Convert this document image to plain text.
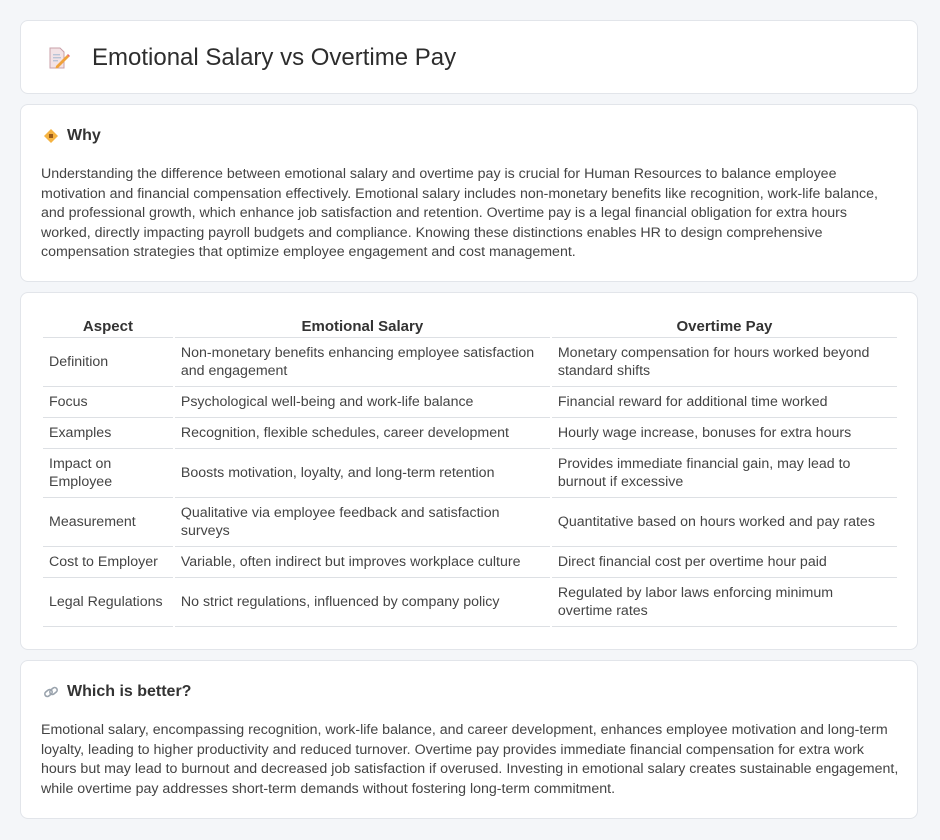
Emotional Salary vs Overtime Pay
Why

Understanding the difference between emotional salary and overtime pay is crucial for Human Resources to balance employee motivation and financial compensation effectively. Emotional salary includes non-monetary benefits like recognition, work-life balance, and professional growth, which enhance job satisfaction and retention. Overtime pay is a legal financial obligation for extra hours worked, directly impacting payroll budgets and compliance. Knowing these distinctions enables HR to design comprehensive compensation strategies that optimize employee engagement and cost management.

Aspect	Emotional Salary	Overtime Pay
Definition	Non-monetary benefits enhancing employee satisfaction and engagement	Monetary compensation for hours worked beyond standard shifts
Focus	Psychological well-being and work-life balance	Financial reward for additional time worked
Examples	Recognition, flexible schedules, career development	Hourly wage increase, bonuses for extra hours
Impact on Employee	Boosts motivation, loyalty, and long-term retention	Provides immediate financial gain, may lead to burnout if excessive
Measurement	Qualitative via employee feedback and satisfaction surveys	Quantitative based on hours worked and pay rates
Cost to Employer	Variable, often indirect but improves workplace culture	Direct financial cost per overtime hour paid
Legal Regulations	No strict regulations, influenced by company policy	Regulated by labor laws enforcing minimum overtime rates
Which is better?

Emotional salary, encompassing recognition, work-life balance, and career development, enhances employee motivation and long-term loyalty, leading to higher productivity and reduced turnover. Overtime pay provides immediate financial compensation for extra work hours but may lead to burnout and decreased job satisfaction if overused. Investing in emotional salary creates sustainable engagement, while overtime pay addresses short-term demands without fostering long-term commitment.
